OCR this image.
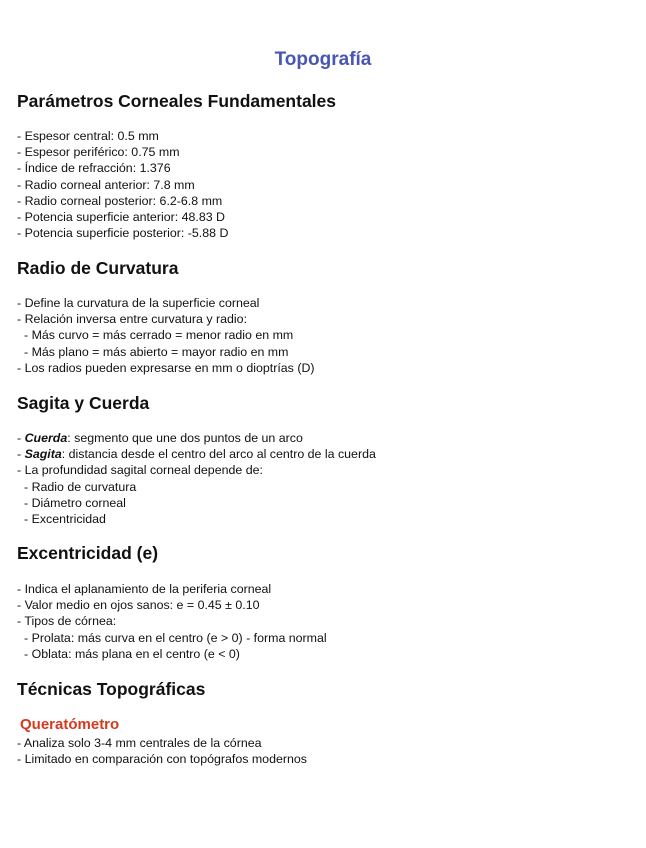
Topografía
Parámetros Corneales Fundamentales
- Espesor central: 0.5 mm
- Espesor periférico: 0.75 mm
- Índice de refracción: 1.376
- Radio corneal anterior: 7.8 mm
- Radio corneal posterior: 6.2-6.8 mm
- Potencia superficie anterior: 48.83 D
- Potencia superficie posterior: -5.88 D
Radio de Curvatura
- Define la curvatura de la superficie corneal
- Relación inversa entre curvatura y radio:
- Más curvo = más cerrado = menor radio en mm
- Más plano = más abierto = mayor radio en mm
- Los radios pueden expresarse en mm o dioptrías (D)
Sagita y Cuerda
- Cuerda: segmento que une dos puntos de un arco
- Sagita: distancia desde el centro del arco al centro de la cuerda
- La profundidad sagital corneal depende de:
- Radio de curvatura
- Diámetro corneal
- Excentricidad
Excentricidad (e)
- Indica el aplanamiento de la periferia corneal
- Valor medio en ojos sanos: e = 0.45 ± 0.10
- Tipos de córnea:
- Prolata: más curva en el centro (e > 0) - forma normal
- Oblata: más plana en el centro (e < 0)
Técnicas Topográficas
Queratómetro
- Analiza solo 3-4 mm centrales de la córnea
- Limitado en comparación con topógrafos modernos
